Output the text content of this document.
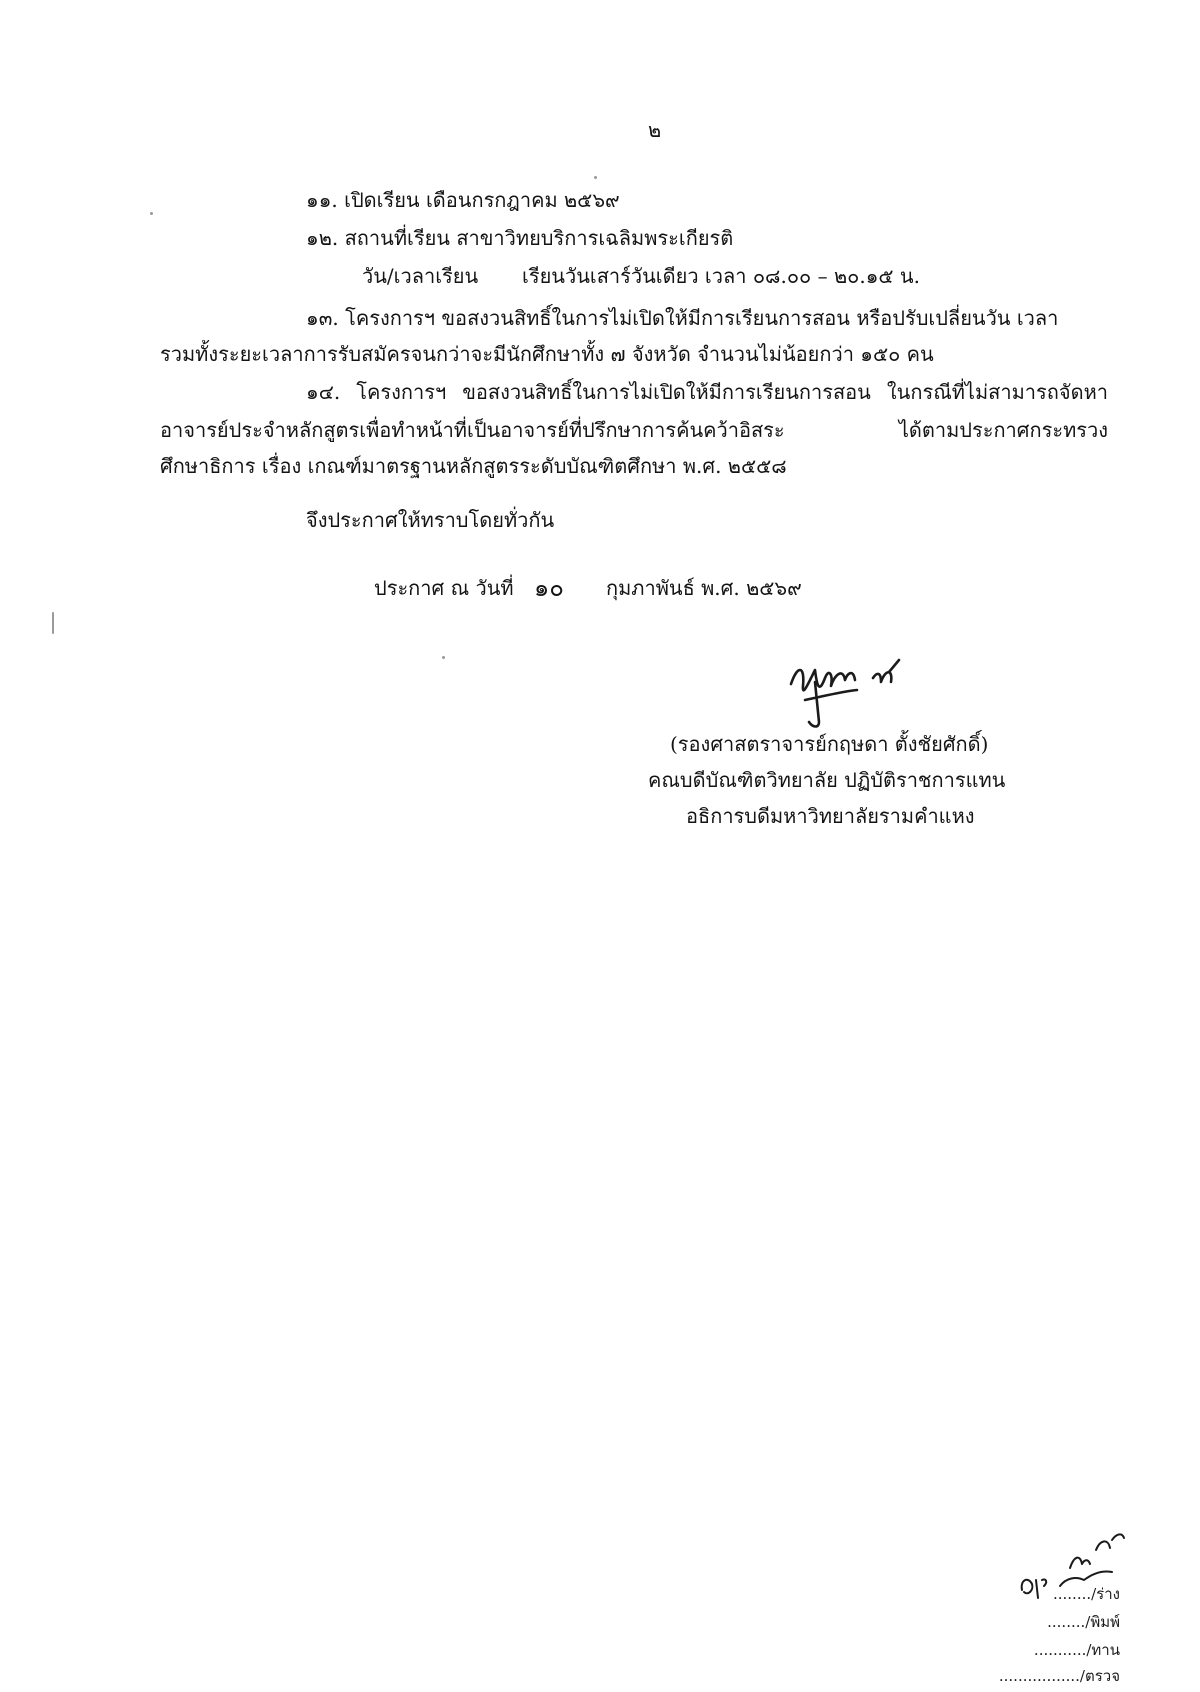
๒
๑๑. เปิดเรียน เดือนกรกฎาคม ๒๕๖๙
๑๒. สถานที่เรียน สาขาวิทยบริการเฉลิมพระเกียรติ
วัน/เวลาเรียน เรียนวันเสาร์วันเดียว เวลา ๐๘.๐๐ – ๒๐.๑๕ น.
๑๓. โครงการฯ ขอสงวนสิทธิ์ในการไม่เปิดให้มีการเรียนการสอน หรือปรับเปลี่ยนวัน เวลา
รวมทั้งระยะเวลาการรับสมัครจนกว่าจะมีนักศึกษาทั้ง ๗ จังหวัด จำนวนไม่น้อยกว่า ๑๕๐ คน
๑๔. โครงการฯ ขอสงวนสิทธิ์ในการไม่เปิดให้มีการเรียนการสอน ในกรณีที่ไม่สามารถจัดหา
อาจารย์ประจำหลักสูตรเพื่อทำหน้าที่เป็นอาจารย์ที่ปรึกษาการค้นคว้าอิสระ ได้ตามประกาศกระทรวง
ศึกษาธิการ เรื่อง เกณฑ์มาตรฐานหลักสูตรระดับบัณฑิตศึกษา พ.ศ. ๒๕๕๘
จึงประกาศให้ทราบโดยทั่วกัน
ประกาศ ณ วันที่ ๑๐ กุมภาพันธ์ พ.ศ. ๒๕๖๙
(รองศาสตราจารย์กฤษดา ตั้งชัยศักดิ์)
คณบดีบัณฑิตวิทยาลัย ปฏิบัติราชการแทน
อธิการบดีมหาวิทยาลัยรามคำแหง
......../ร่าง
......../พิมพ์
.........../ทาน
................./ตรวจ
